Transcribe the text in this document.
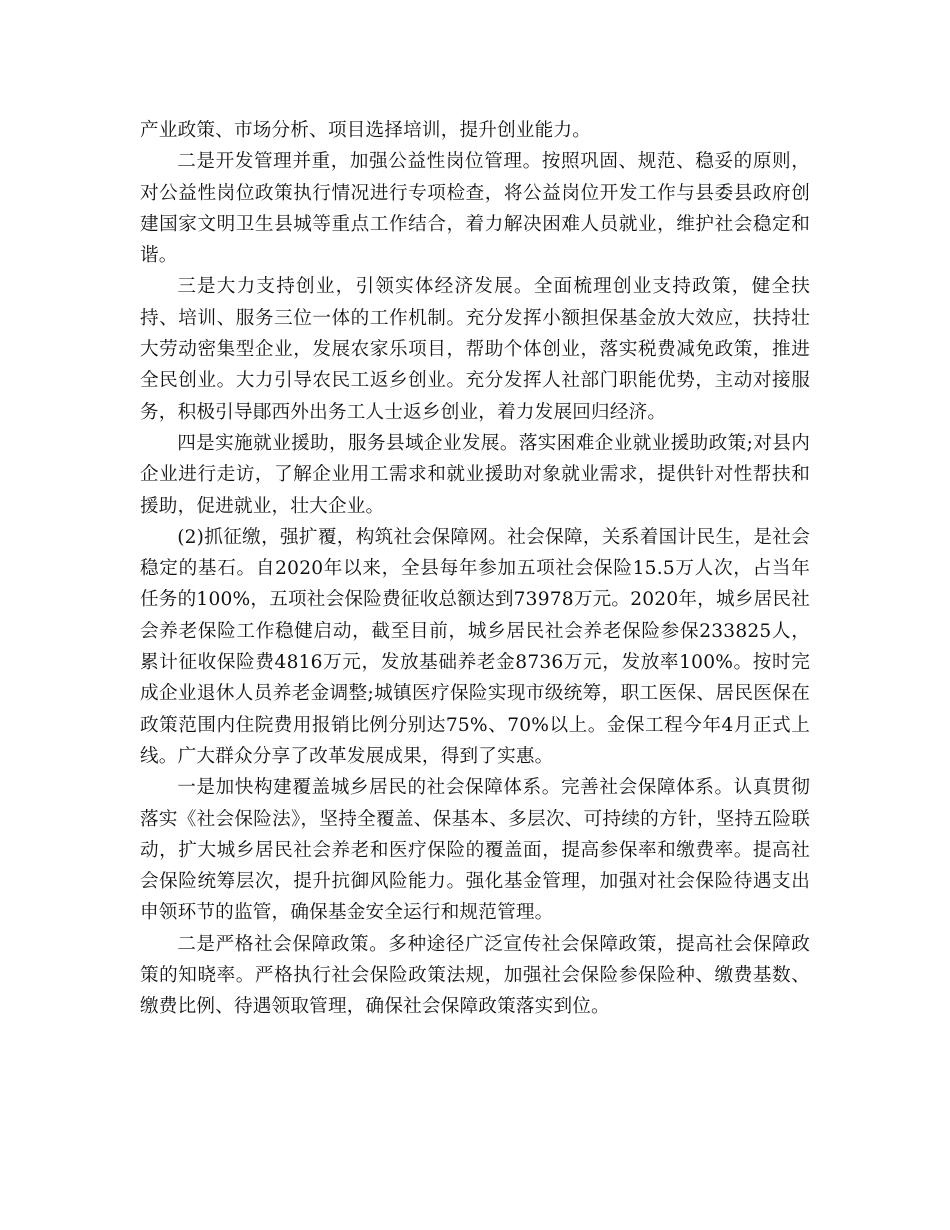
产业政策、市场分析、项目选择培训，提升创业能力。

二是开发管理并重，加强公益性岗位管理。按照巩固、规范、稳妥的原则，对公益性岗位政策执行情况进行专项检查，将公益岗位开发工作与县委县政府创建国家文明卫生县城等重点工作结合，着力解决困难人员就业，维护社会稳定和谐。

三是大力支持创业，引领实体经济发展。全面梳理创业支持政策，健全扶持、培训、服务三位一体的工作机制。充分发挥小额担保基金放大效应，扶持壮大劳动密集型企业，发展农家乐项目，帮助个体创业，落实税费减免政策，推进全民创业。大力引导农民工返乡创业。充分发挥人社部门职能优势，主动对接服务，积极引导鄖西外出务工人士返乡创业，着力发展回归经济。

四是实施就业援助，服务县域企业发展。落实困难企业就业援助政策;对县内企业进行走访，了解企业用工需求和就业援助对象就业需求，提供针对性帮扶和援助，促进就业，壮大企业。

(2)抓征缴，强扩覆，构筑社会保障网。社会保障，关系着国计民生，是社会稳定的基石。自2020年以来，全县每年参加五项社会保险15.5万人次，占当年任务的100%，五项社会保险费征收总额达到73978万元。2020年，城乡居民社会养老保险工作稳健启动，截至目前，城乡居民社会养老保险参保233825人，累计征收保险费4816万元，发放基础养老金8736万元，发放率100%。按时完成企业退休人员养老金调整;城镇医疗保险实现市级统筹，职工医保、居民医保在政策范围内住院费用报销比例分别达75%、70%以上。金保工程今年4月正式上线。广大群众分享了改革发展成果，得到了实惠。

一是加快构建覆盖城乡居民的社会保障体系。完善社会保障体系。认真贯彻落实《社会保险法》，坚持全覆盖、保基本、多层次、可持续的方针，坚持五险联动，扩大城乡居民社会养老和医疗保险的覆盖面，提高参保率和缴费率。提高社会保险统筹层次，提升抗御风险能力。强化基金管理，加强对社会保险待遇支出申领环节的监管，确保基金安全运行和规范管理。

二是严格社会保障政策。多种途径广泛宣传社会保障政策，提高社会保障政策的知晓率。严格执行社会保险政策法规，加强社会保险参保险种、缴费基数、缴费比例、待遇领取管理，确保社会保障政策落实到位。
